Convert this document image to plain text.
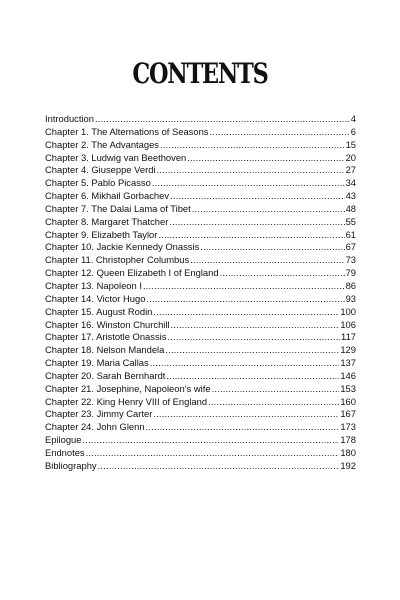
CONTENTS
Introduction .....	4
Chapter 1. The Alternations of Seasons .....	6
Chapter 2. The Advantages .....	15
Chapter 3. Ludwig van Beethoven .....	20
Chapter 4. Giuseppe Verdi .....	27
Chapter 5. Pablo Picasso .....	34
Chapter 6. Mikhail Gorbachev .....	43
Chapter 7. The Dalai Lama of Tibet .....	48
Chapter 8. Margaret Thatcher .....	55
Chapter 9. Elizabeth Taylor .....	61
Chapter 10. Jackie Kennedy Onassis .....	67
Chapter 11. Christopher Columbus .....	73
Chapter 12. Queen Elizabeth I of England .....	79
Chapter 13. Napoleon I .....	86
Chapter 14. Victor Hugo .....	93
Chapter 15. August Rodin .....	100
Chapter 16. Winston Churchill .....	106
Chapter 17. Aristotle Onassis .....	117
Chapter 18. Nelson Mandela .....	129
Chapter 19. Maria Callas .....	137
Chapter 20. Sarah Bernhardt .....	146
Chapter 21. Josephine, Napoleon’s wife .....	153
Chapter 22. King Henry VIII of England .....	160
Chapter 23. Jimmy Carter .....	167
Chapter 24. John Glenn .....	173
Epilogue .....	178
Endnotes .....	180
Bibliography .....	192
